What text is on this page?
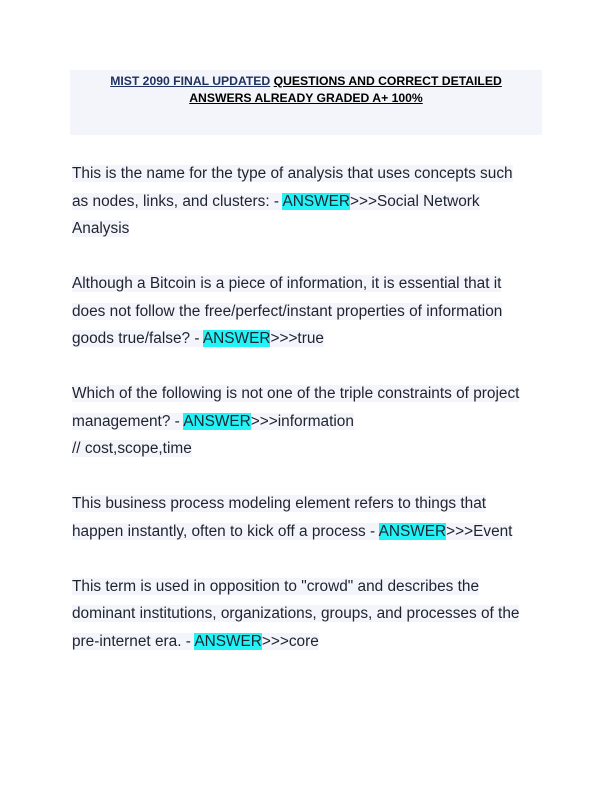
MIST 2090 FINAL UPDATED QUESTIONS AND CORRECT DETAILED
ANSWERS ALREADY GRADED A+ 100%
This is the name for the type of analysis that uses concepts such
as nodes, links, and clusters: - ANSWER>>>Social Network
Analysis
Although a Bitcoin is a piece of information, it is essential that it
does not follow the free/perfect/instant properties of information
goods true/false? - ANSWER>>>true
Which of the following is not one of the triple constraints of project
management? - ANSWER>>>information
// cost,scope,time
This business process modeling element refers to things that
happen instantly, often to kick off a process - ANSWER>>>Event
This term is used in opposition to "crowd" and describes the
dominant institutions, organizations, groups, and processes of the
pre-internet era. - ANSWER>>>core
